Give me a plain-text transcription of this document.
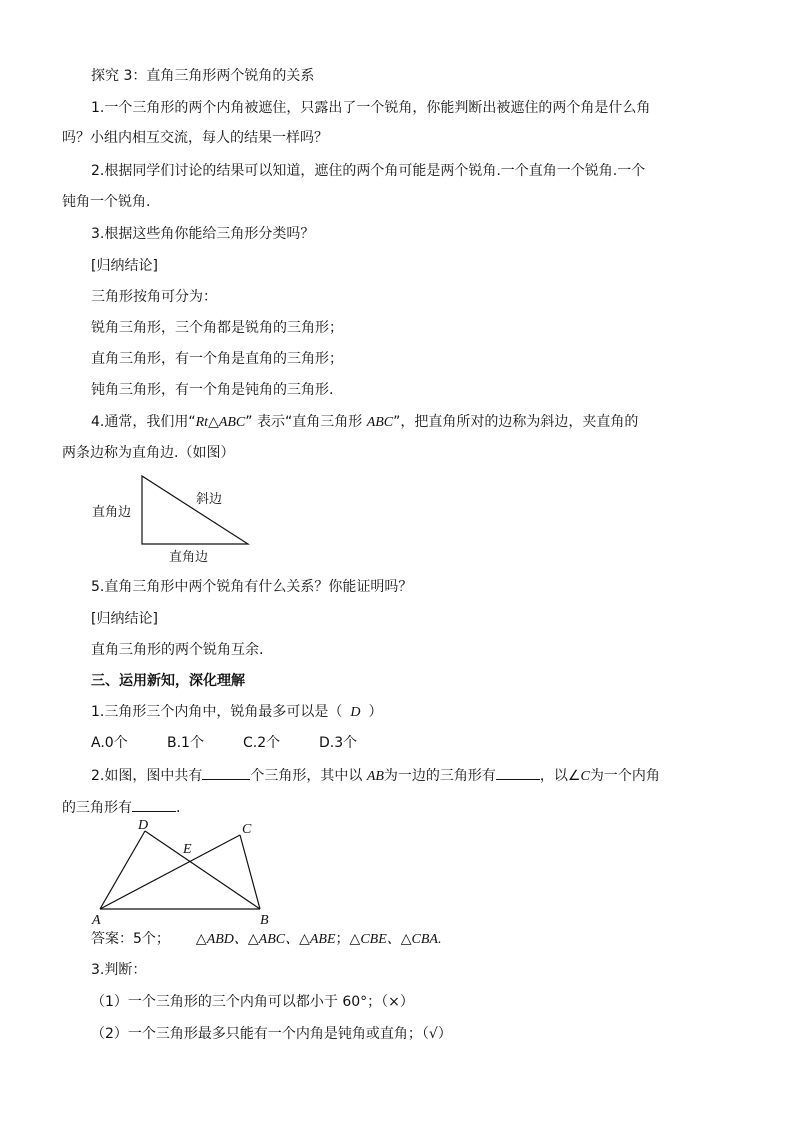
探究 3：直角三角形两个锐角的关系
1.一个三角形的两个内角被遮住，只露出了一个锐角，你能判断出被遮住的两个角是什么角
吗？小组内相互交流，每人的结果一样吗？
2.根据同学们讨论的结果可以知道，遮住的两个角可能是两个锐角.一个直角一个锐角.一个
钝角一个锐角.
3.根据这些角你能给三角形分类吗？
[归纳结论]
三角形按角可分为：
锐角三角形，三个角都是锐角的三角形；
直角三角形，有一个角是直角的三角形；
钝角三角形，有一个角是钝角的三角形.
4.通常，我们用“Rt△ABC” 表示“直角三角形 ABC”，把直角所对的边称为斜边，夹直角的
两条边称为直角边.（如图）
直角边
斜边
直角边
5.直角三角形中两个锐角有什么关系？你能证明吗？
[归纳结论]
直角三角形的两个锐角互余.
三、运用新知，深化理解
1.三角形三个内角中，锐角最多可以是（ D ）
A.0个	B.1个	C.2个	D.3个
2.如图，图中共有	个三角形，其中以 AB为一边的三角形有	，以∠C为一个内角
的三角形有	.
A	B
C
D
E
答案：5个； △ABD、△ABC、△ABE；△CBE、△CBA.
3.判断：
（1）一个三角形的三个内角可以都小于 60°；（×）
（2）一个三角形最多只能有一个内角是钝角或直角；（√）
